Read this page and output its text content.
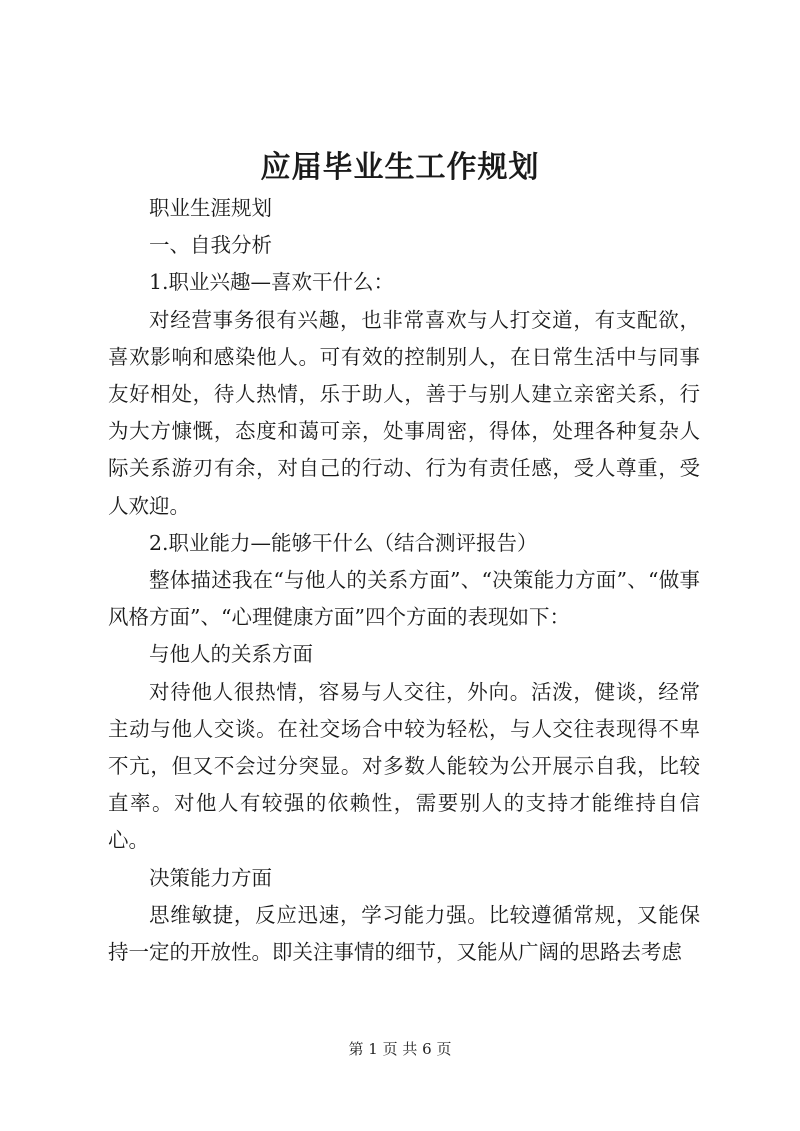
应届毕业生工作规划

职业生涯规划

一、自我分析

1.职业兴趣—喜欢干什么：

对经营事务很有兴趣，也非常喜欢与人打交道，有支配欲，喜欢影响和感染他人。可有效的控制别人，在日常生活中与同事友好相处，待人热情，乐于助人，善于与别人建立亲密关系，行为大方慷慨，态度和蔼可亲，处事周密，得体，处理各种复杂人际关系游刃有余，对自己的行动、行为有责任感，受人尊重，受人欢迎。

2.职业能力—能够干什么（结合测评报告）

整体描述我在“与他人的关系方面”、“决策能力方面”、“做事风格方面”、“心理健康方面”四个方面的表现如下：

与他人的关系方面

对待他人很热情，容易与人交往，外向。活泼，健谈，经常主动与他人交谈。在社交场合中较为轻松，与人交往表现得不卑不亢，但又不会过分突显。对多数人能较为公开展示自我，比较直率。对他人有较强的依赖性，需要别人的支持才能维持自信心。

决策能力方面

思维敏捷，反应迅速，学习能力强。比较遵循常规，又能保持一定的开放性。即关注事情的细节，又能从广阔的思路去考虑

第 1 页 共 6 页
